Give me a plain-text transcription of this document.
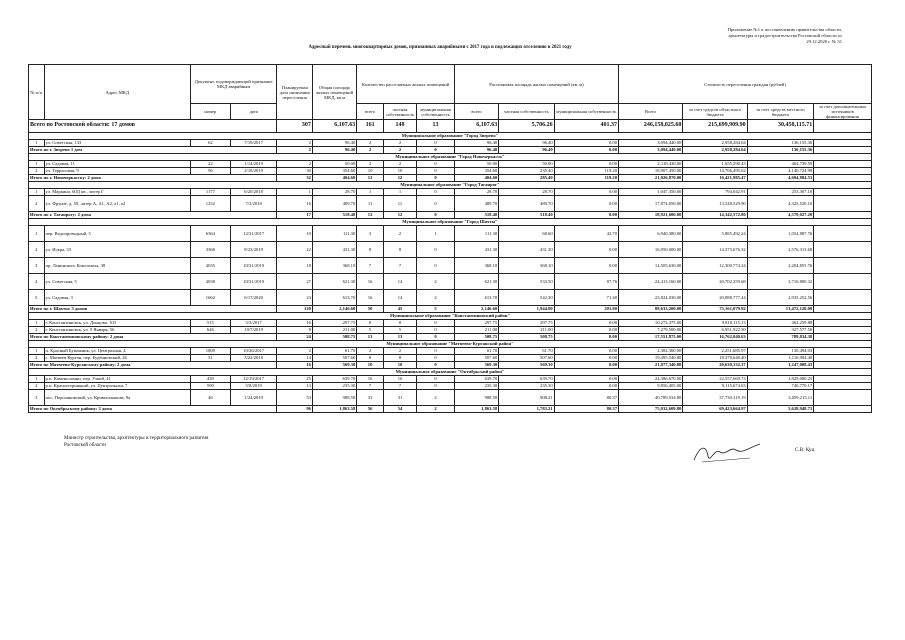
Приложение №1 к постановлению правительства области,
архитектуры и градостроительства Ростовской области от
29.12.2020 г. № 31
Адресный перечень многоквартирных домов, признанных аварийными с 2017 года и подлежащих отселению в 2021 году
№ п/п	Адрес МКД	Документ, подтверждающий признание МКД аварийным		Планируемая дата окончания переселения	Общая площадь жилых помещений МКД, кв.м	Количество расселяемых жилых помещений			Расселяемая площадь жилых помещений (кв. м)			Стоимость переселения граждан (рублей)			
		номер	дата			всего	частная собственность	муниципальная собственность	всего	частная собственность	муниципальная собственность	Всего	за счет средств областного бюджета	за счет средств местного бюджета	за счет дополнительных источников финансирования

Всего по Ростовской области: 17 домов				307	6,107.63	161	148	13	6,107.63	5,706.26	401.37	246,158,025.60	215,699,909.90	30,458,115.71	
Муниципальное образование "Город Зверево"															
1	ул. Советская, 133	62	7/19/2017	2	96.40	2	2	0	96.40	96.40	0.00	3,094,440.00	2,958,284.64	136,155.36	
Итого по г. Зверево 1 дом				2	96.40	2	2	0	96.40	96.40	0.00	3,094,440.00	2,958,284.64	136,155.36	
Муниципальное образование "Город Новочеркасск"															
1	ул. Садовая, 11	22	1/14/2019	2	50.00	2	2	0	50.00	50.00	0.00	2,118,430.00	1,655,290.43	464,739.59	
2	ул. Террасовая, 9	96	2/18/2019	30	354.60	10	10	0	354.60	235.40	119.20	18,907,450.00	14,766,495.02	4,140,724.98	
Итого по г. Новочеркасску: 2 дома				32	404.60	12	12	0	404.60	285.40	119.20	21,026,870.00	16,421,985.47	4,604,884.53	
Муниципальное образование "Город Таганрог"															
1	ул. Маркина, 60Д кв., литер Г	1177	6/20/2018	1	28.70	1	1	0	28.70	28.70	0.00	1,047,350.00	794,042.91	253,307.10	
2	ул. Фрунзе, д. 59, литер А, А1, А2, а1, а2	1252	7/3/2018	16	489.70	11	11	0	489.70	489.70	0.00	17,874,050.00	13,548,529.90	4,325,520.10	
Итого по г. Таганрогу: 2 дома				17	518.40	12	12	0	518.40	518.40	0.00	18,921,600.00	14,342,572.80	4,579,027.20	
Муниципальное образование "Город Шахты"															
1	пер. Водопроводный, 5	6364	12/31/2017	10	111.30	3	2	1	111.30	68.60	42.70	6,940,380.00	5,885,492.24	1,054,887.76	
2	ул. Искра, 33	3366	8/23/2019	22	431.30	8	8	0	431.30	431.30	0.00	16,950,000.00	14,373,676.32	2,576,313.68	
3	пр. Ленинского Комсомола, 38	4035	10/31/2019	18	368.10	7	7	0	368.10	368.10	0.00	14,505,630.00	12,300,774.24	2,204,855.76	
4	ул. Советская, 5	4038	10/31/2019	27	621.30	16	14	2	621.30	533.50	87.76	24,413,160.00	20,702,359.68	3,710,800.32	
5	ул. Садовая, 3	1662	6/17/2020	23	613.70	16	14	2	613.70	542.30	71.40	23,824,030.00	20,888,777.44	2,935,252.56	
Итого по г. Шахты: 5 домов				120	2,146.60	50	45	5	2,146.60	1,944.80	201.80	88,633,200.00	75,161,079.92	13,472,120.08	
Муниципальное образование "Константиновский район"															
1	г. Константиновск, ул. Донцова, 103	515	5/3/2017	16	297.75	8	8	0	297.75	297.75	0.00	10,272,375.00	9,810,115.13	462,259.88	
2	г. Константиновск, ул. 9 Января, 56	646	10/7/2019	8	211.00	5	5	0	211.00	211.00	0.00	7,279,500.00	6,951,922.50	327,577.50	
Итого по Константиновскому району: 2 дома				24	508.75	13	13	0	508.75	508.75	0.00	17,551,875.00	16,762,040.63	789,834.38	
Муниципальное образование "Матвеево-Курганский район"															
1	п. Красный Бумажник, ул. Централная, 4	1809	10/26/2017	2	61.70	2	2	0	61.70	61.70	0.00	2,382,360.00	2,251,685.97	130,494.03	
2	с. Матвеев Курган, пер. Будённовский, 26	51	3/22/2018	14	507.60	8	8	0	507.60	507.60	0.00	19,495,540.80	18,378,646.40	1,116,904.40	
Итого по Матвеево-Курганскому району: 2 дома				16	569.30	10	10	0	569.30	569.30	0.00	21,877,340.80	20,630,332.37	1,247,008.43	
Муниципальное образование "Октябрьский район"															
1	р.п. Каменоломни, пер. Узкий, 41	439	12/19/2017	25	639.70	16	16	0	639.70	639.70	0.00	24,386,670.00	22,557,669.73	1,829,000.25	
2	р.п. Красногорняцкий, ул. Центральная, 7	590	5/8/2019	13	235.30	7	7	0	235.30	235.30	0.00	9,856,405.00	9,115,674.63	740,770.17	
3	пос. Персиановский, ул. Кривошлыкова, 9а	46	1/24/2019	53	988.58	33	31	2	988.58	908.21	80.37	40,789,534.80	37,730,319.19	3,059,215.11	
Итого по Октябрьскому району: 3 дома				96	1,863.58	56	54	2	1,863.58	1,783.21	80.37	75,032,609.80	69,423,664.97	5,628,948.73	
Министр строительства, архитектуры и территориального развития
Ростовской области
С.В. Куц
